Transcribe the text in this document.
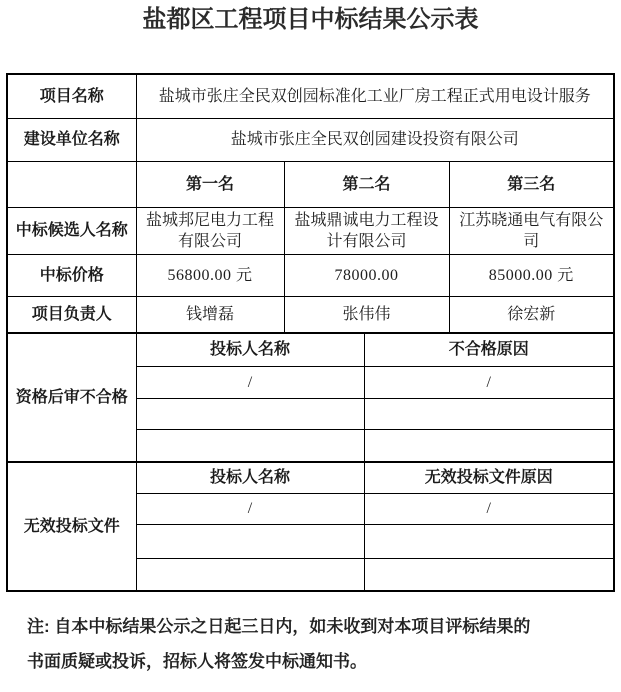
盐都区工程项目中标结果公示表
项目名称	盐城市张庄全民双创园标准化工业厂房工程正式用电设计服务			
建设单位名称	盐城市张庄全民双创园建设投资有限公司			
	第一名	第二名		第三名
中标候选人名称	盐城邦尼电力工程有限公司	盐城鼎诚电力工程设计有限公司		江苏晓通电气有限公司
中标价格	56800.00 元	78000.00		85000.00 元
项目负责人	钱增磊	张伟伟		徐宏新
资格后审不合格	投标人名称		不合格原因	
	/		/	

无效投标文件	投标人名称		无效投标文件原因	
	/		/	

注: 自本中标结果公示之日起三日内，如未收到对本项目评标结果的
书面质疑或投诉，招标人将签发中标通知书。
